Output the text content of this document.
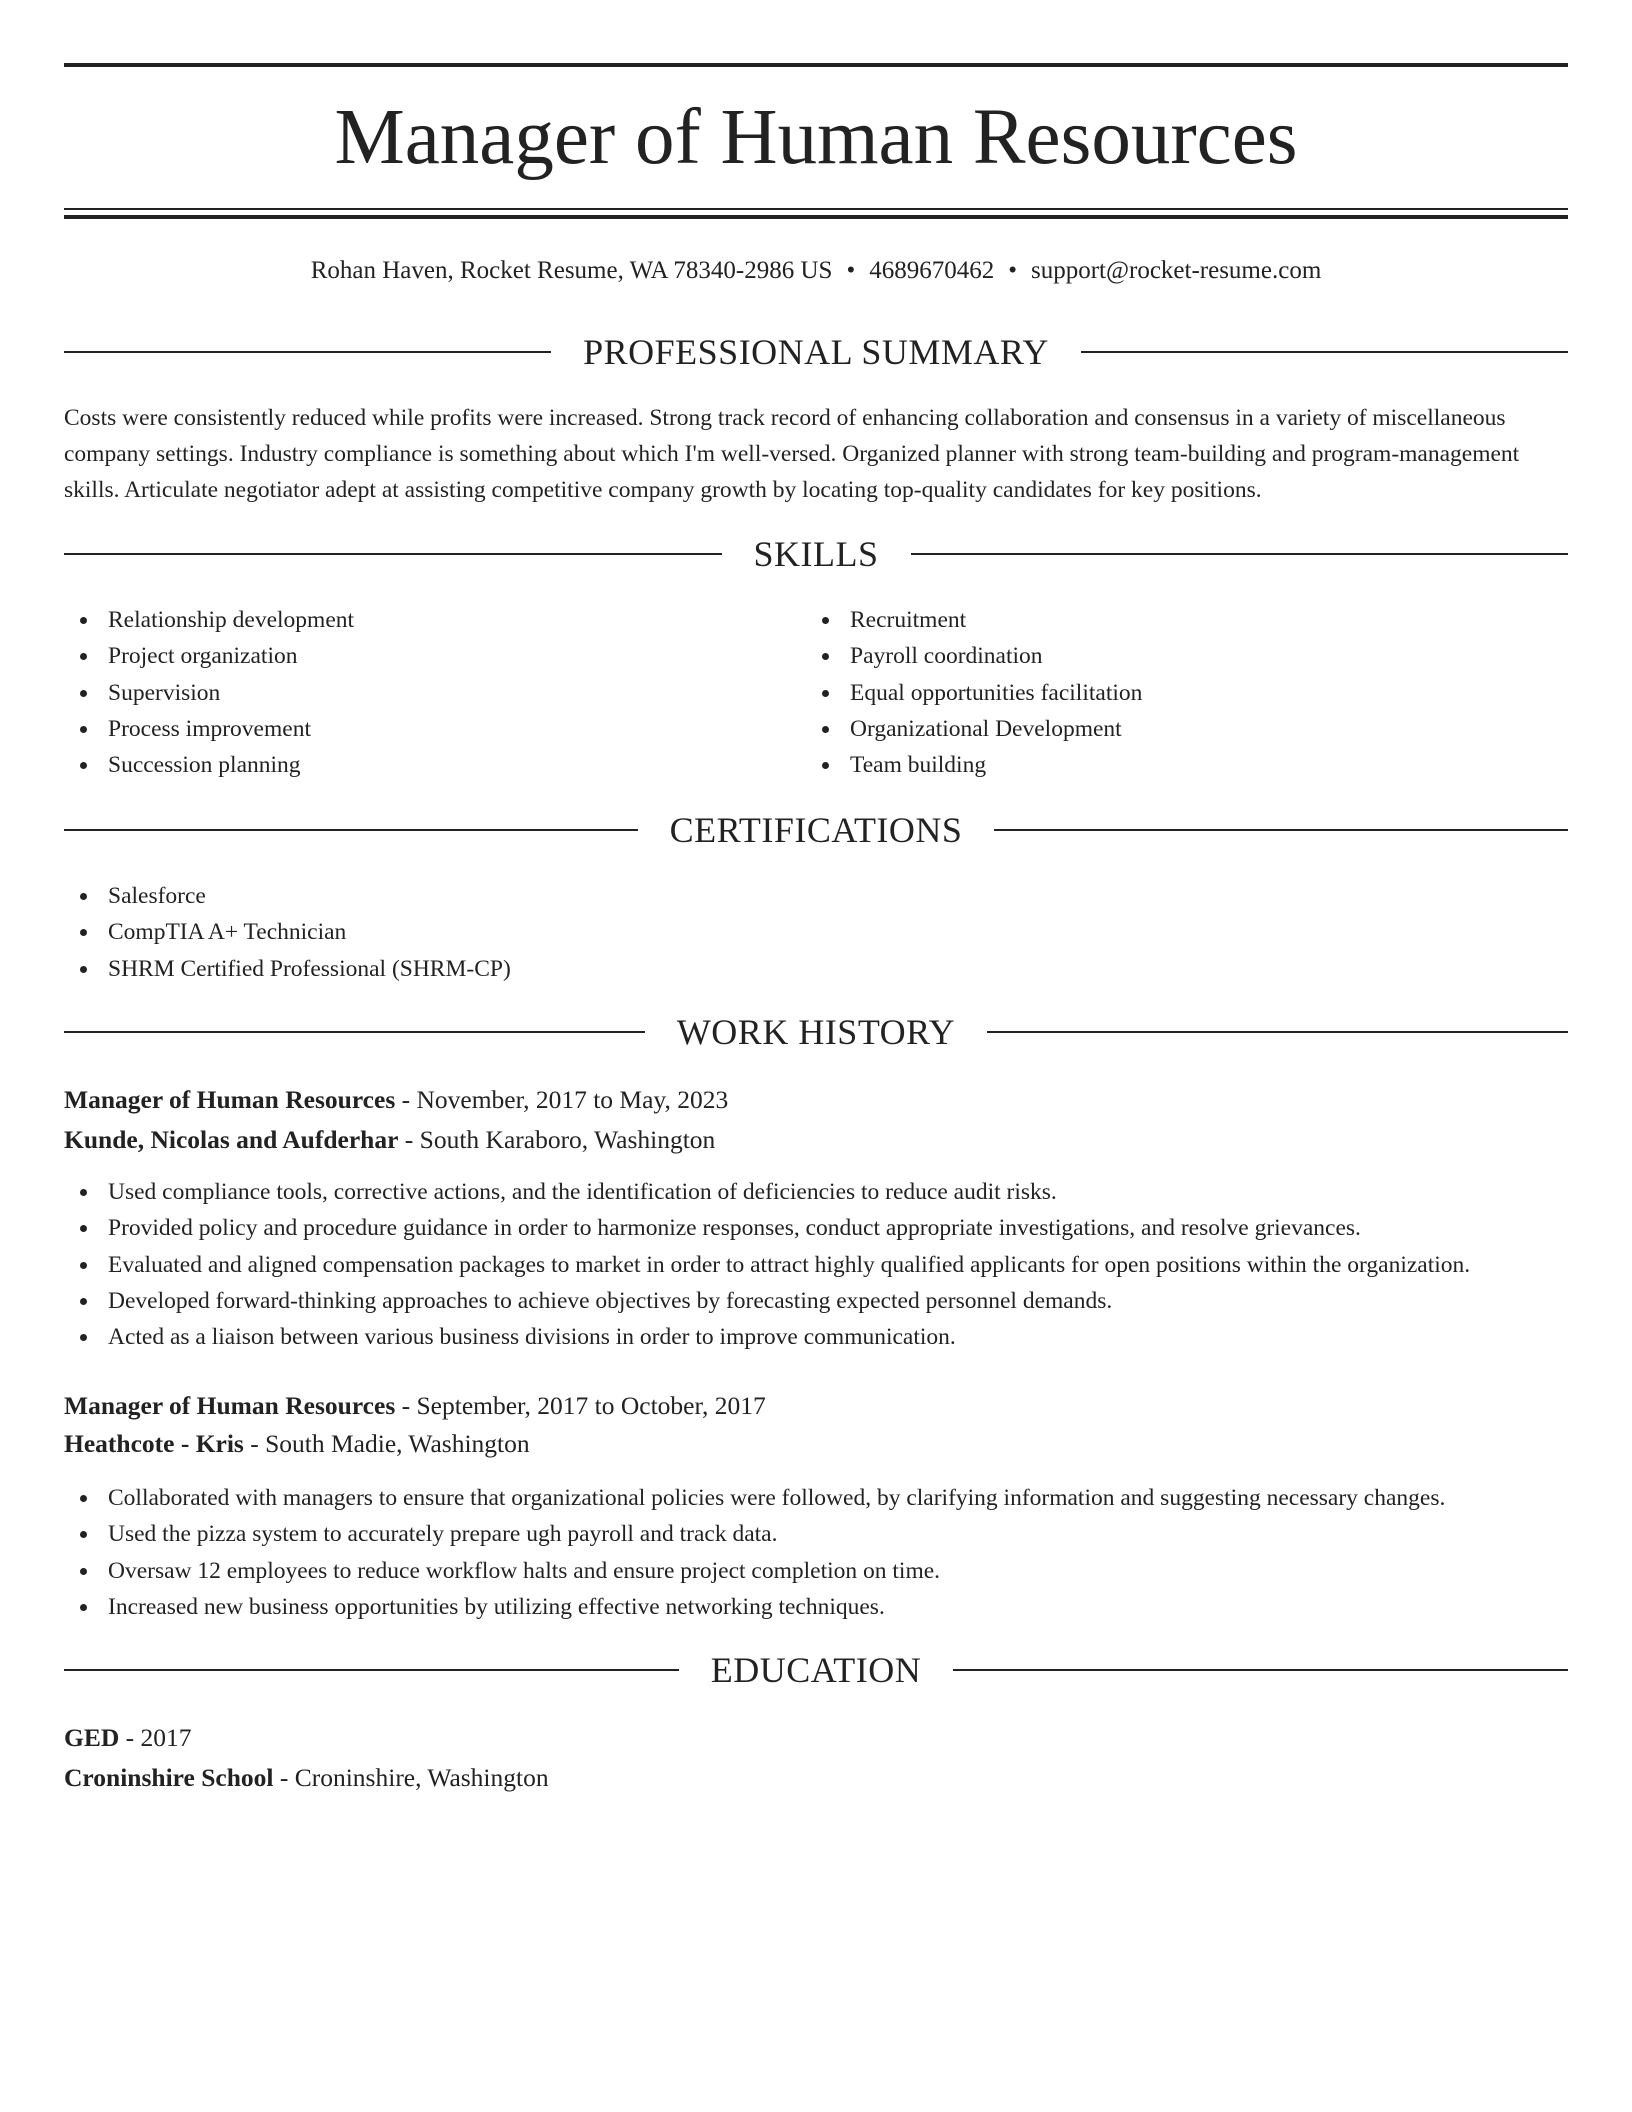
Manager of Human Resources
Rohan Haven, Rocket Resume, WA 78340-2986 US • 4689670462 • support@rocket-resume.com
PROFESSIONAL SUMMARY

Costs were consistently reduced while profits were increased. Strong track record of enhancing collaboration and consensus in a variety of miscellaneous company settings. Industry compliance is something about which I'm well-versed. Organized planner with strong team-building and program-management skills. Articulate negotiator adept at assisting competitive company growth by locating top-quality candidates for key positions.

SKILLS
Relationship development
Project organization
Supervision
Process improvement
Succession planning
Recruitment
Payroll coordination
Equal opportunities facilitation
Organizational Development
Team building
CERTIFICATIONS
Salesforce
CompTIA A+ Technician
SHRM Certified Professional (SHRM-CP)
WORK HISTORY
Manager of Human Resources - November, 2017 to May, 2023
Kunde, Nicolas and Aufderhar - South Karaboro, Washington
Used compliance tools, corrective actions, and the identification of deficiencies to reduce audit risks.
Provided policy and procedure guidance in order to harmonize responses, conduct appropriate investigations, and resolve grievances.
Evaluated and aligned compensation packages to market in order to attract highly qualified applicants for open positions within the organization.
Developed forward-thinking approaches to achieve objectives by forecasting expected personnel demands.
Acted as a liaison between various business divisions in order to improve communication.
Manager of Human Resources - September, 2017 to October, 2017
Heathcote - Kris - South Madie, Washington
Collaborated with managers to ensure that organizational policies were followed, by clarifying information and suggesting necessary changes.
Used the pizza system to accurately prepare ugh payroll and track data.
Oversaw 12 employees to reduce workflow halts and ensure project completion on time.
Increased new business opportunities by utilizing effective networking techniques.
EDUCATION
GED - 2017
Croninshire School - Croninshire, Washington
